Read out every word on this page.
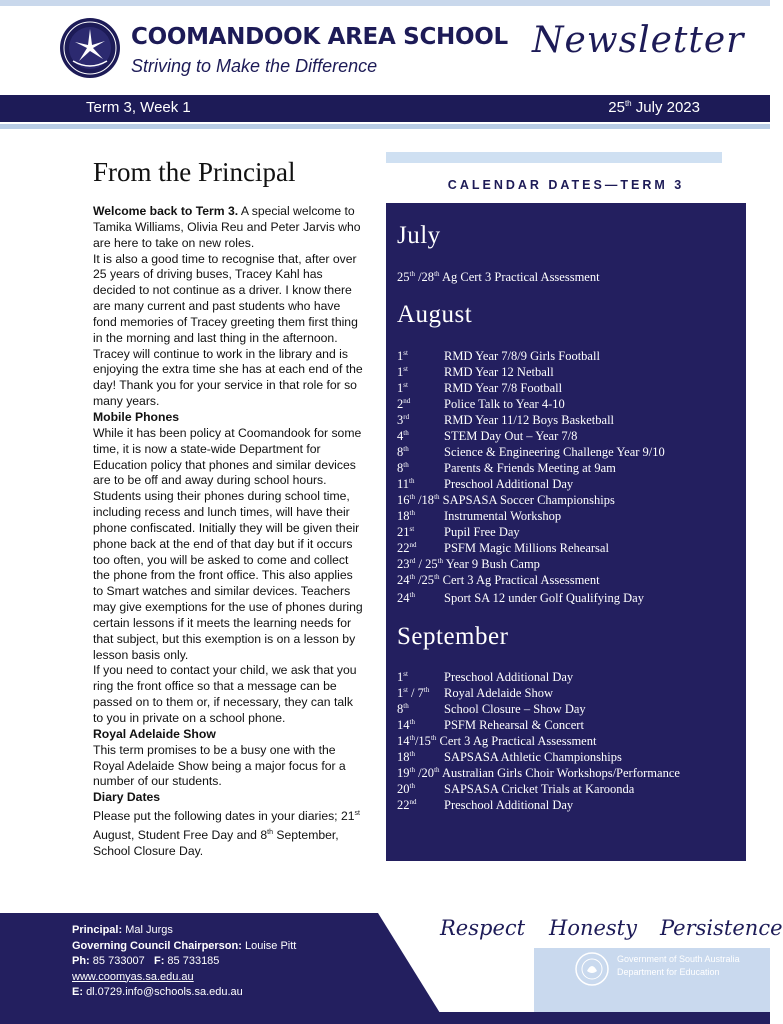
COOMANDOOK AREA SCHOOL
Striving to Make the Difference
Newsletter
Term 3, Week 1	25th July 2023
From the Principal

Welcome back to Term 3. A special welcome to Tamika Williams, Olivia Reu and Peter Jarvis who are here to take on new roles.

It is also a good time to recognise that, after over 25 years of driving buses, Tracey Kahl has decided to not continue as a driver. I know there are many current and past students who have fond memories of Tracey greeting them first thing in the morning and last thing in the afternoon. Tracey will continue to work in the library and is enjoying the extra time she has at each end of the day! Thank you for your service in that role for so many years.

Mobile Phones

While it has been policy at Coomandook for some time, it is now a state-wide Department for Education policy that phones and similar devices are to be off and away during school hours. Students using their phones during school time, including recess and lunch times, will have their phone confiscated. Initially they will be given their phone back at the end of that day but if it occurs too often, you will be asked to come and collect the phone from the front office. This also applies to Smart watches and similar devices. Teachers may give exemptions for the use of phones during certain lessons if it meets the learning needs for that subject, but this exemption is on a lesson by lesson basis only.

If you need to contact your child, we ask that you ring the front office so that a message can be passed on to them or, if necessary, they can talk to you in private on a school phone.

Royal Adelaide Show

This term promises to be a busy one with the Royal Adelaide Show being a major focus for a number of our students.

Diary Dates

Please put the following dates in your diaries; 21st August, Student Free Day and 8th September, School Closure Day.

CALENDAR DATES—TERM 3
July
25th /28th Ag Cert 3 Practical Assessment
August
1st	RMD Year 7/8/9 Girls Football
1st	RMD Year 12 Netball
1st	RMD Year 7/8 Football
2nd	Police Talk to Year 4-10
3rd	RMD Year 11/12 Boys Basketball
4th	STEM Day Out – Year 7/8
8th	Science & Engineering Challenge Year 9/10
8th	Parents & Friends Meeting at 9am
11th Preschool Additional Day
16th /18th SAPSASA Soccer Championships
18th Instrumental Workshop
21st Pupil Free Day
22nd PSFM Magic Millions Rehearsal
23rd / 25th Year 9 Bush Camp
24th /25th Cert 3 Ag Practical Assessment
24th Sport SA 12 under Golf Qualifying Day
September
1st	Preschool Additional Day
1st / 7th Royal Adelaide Show
8th	School Closure – Show Day
14th PSFM Rehearsal & Concert
14th/15th Cert 3 Ag Practical Assessment
18th SAPSASA Athletic Championships
19th /20th Australian Girls Choir Workshops/Performance
20th SAPSASA Cricket Trials at Karoonda
22nd Preschool Additional Day
Principal: Mal Jurgs
Governing Council Chairperson: Louise Pitt
Ph: 85 733007 F: 85 733185
www.coomyas.sa.edu.au
E: dl.0729.info@schools.sa.edu.au
Respect Honesty Persistence
Government of South Australia
Department for Education
